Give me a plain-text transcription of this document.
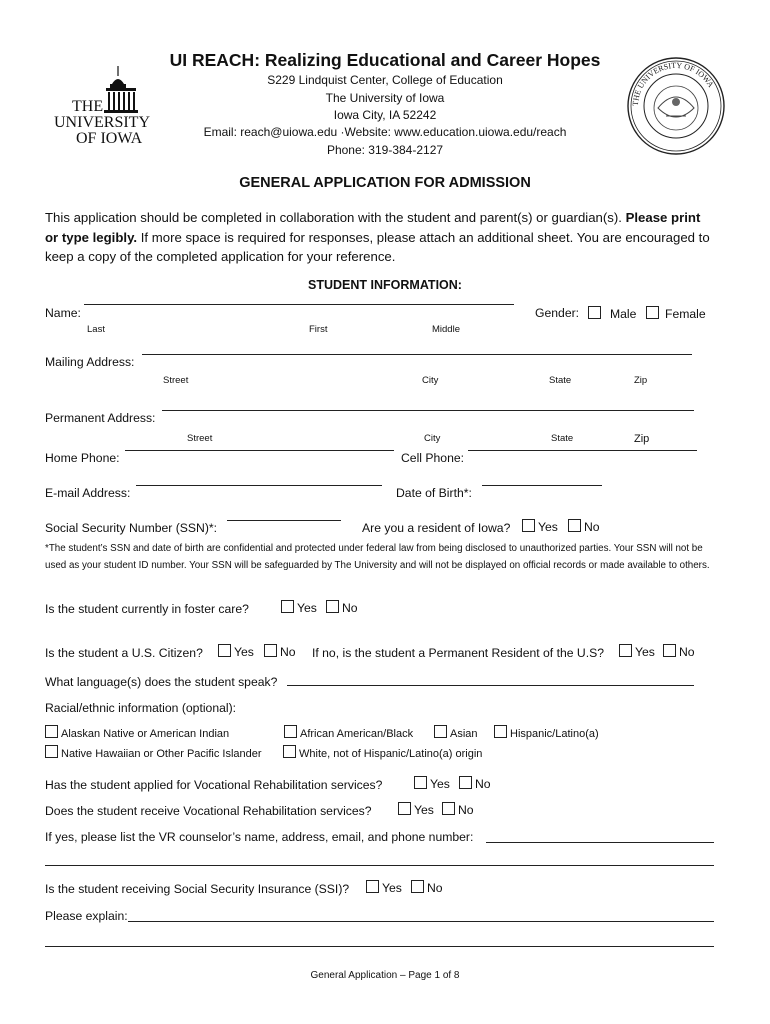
THE
UNIVERSITY
OF IOWA
UI REACH: Realizing Educational and Career Hopes
S229 Lindquist Center, College of Education
The University of Iowa
Iowa City, IA 52242
Email: reach@uiowa.edu ·Website: www.education.uiowa.edu/reach
Phone: 319-384-2127
THE UNIVERSITY OF IOWA
GENERAL APPLICATION FOR ADMISSION
This application should be completed in collaboration with the student and parent(s) or guardian(s). Please print or type legibly. If more space is required for responses, please attach an additional sheet. You are encouraged to keep a copy of the completed application for your reference.
STUDENT INFORMATION:
Name:
Last	First	Middle
Gender:	Male	Female
Mailing Address:
Street	City	State	Zip
Permanent Address:
Street	City	State	Zip
Home Phone:	Cell Phone:
E-mail Address:	Date of Birth*:
Social Security Number (SSN)*:	Are you a resident of Iowa?	Yes	No
*The student’s SSN and date of birth are confidential and protected under federal law from being disclosed to unauthorized parties. Your SSN will not be used as your student ID number. Your SSN will be safeguarded by The University and will not be displayed on official records or made available to others.
Is the student currently in foster care?	Yes	No
Is the student a U.S. Citizen?	Yes	No If no, is the student a Permanent Resident of the U.S?	Yes	No
What language(s) does the student speak?
Racial/ethnic information (optional):
Alaskan Native or American Indian	African American/Black	Asian	Hispanic/Latino(a)
Native Hawaiian or Other Pacific Islander	White, not of Hispanic/Latino(a) origin
Has the student applied for Vocational Rehabilitation services?	Yes	No
Does the student receive Vocational Rehabilitation services?	Yes	No
If yes, please list the VR counselor’s name, address, email, and phone number:
Is the student receiving Social Security Insurance (SSI)?	Yes	No
Please explain:
General Application – Page 1 of 8
